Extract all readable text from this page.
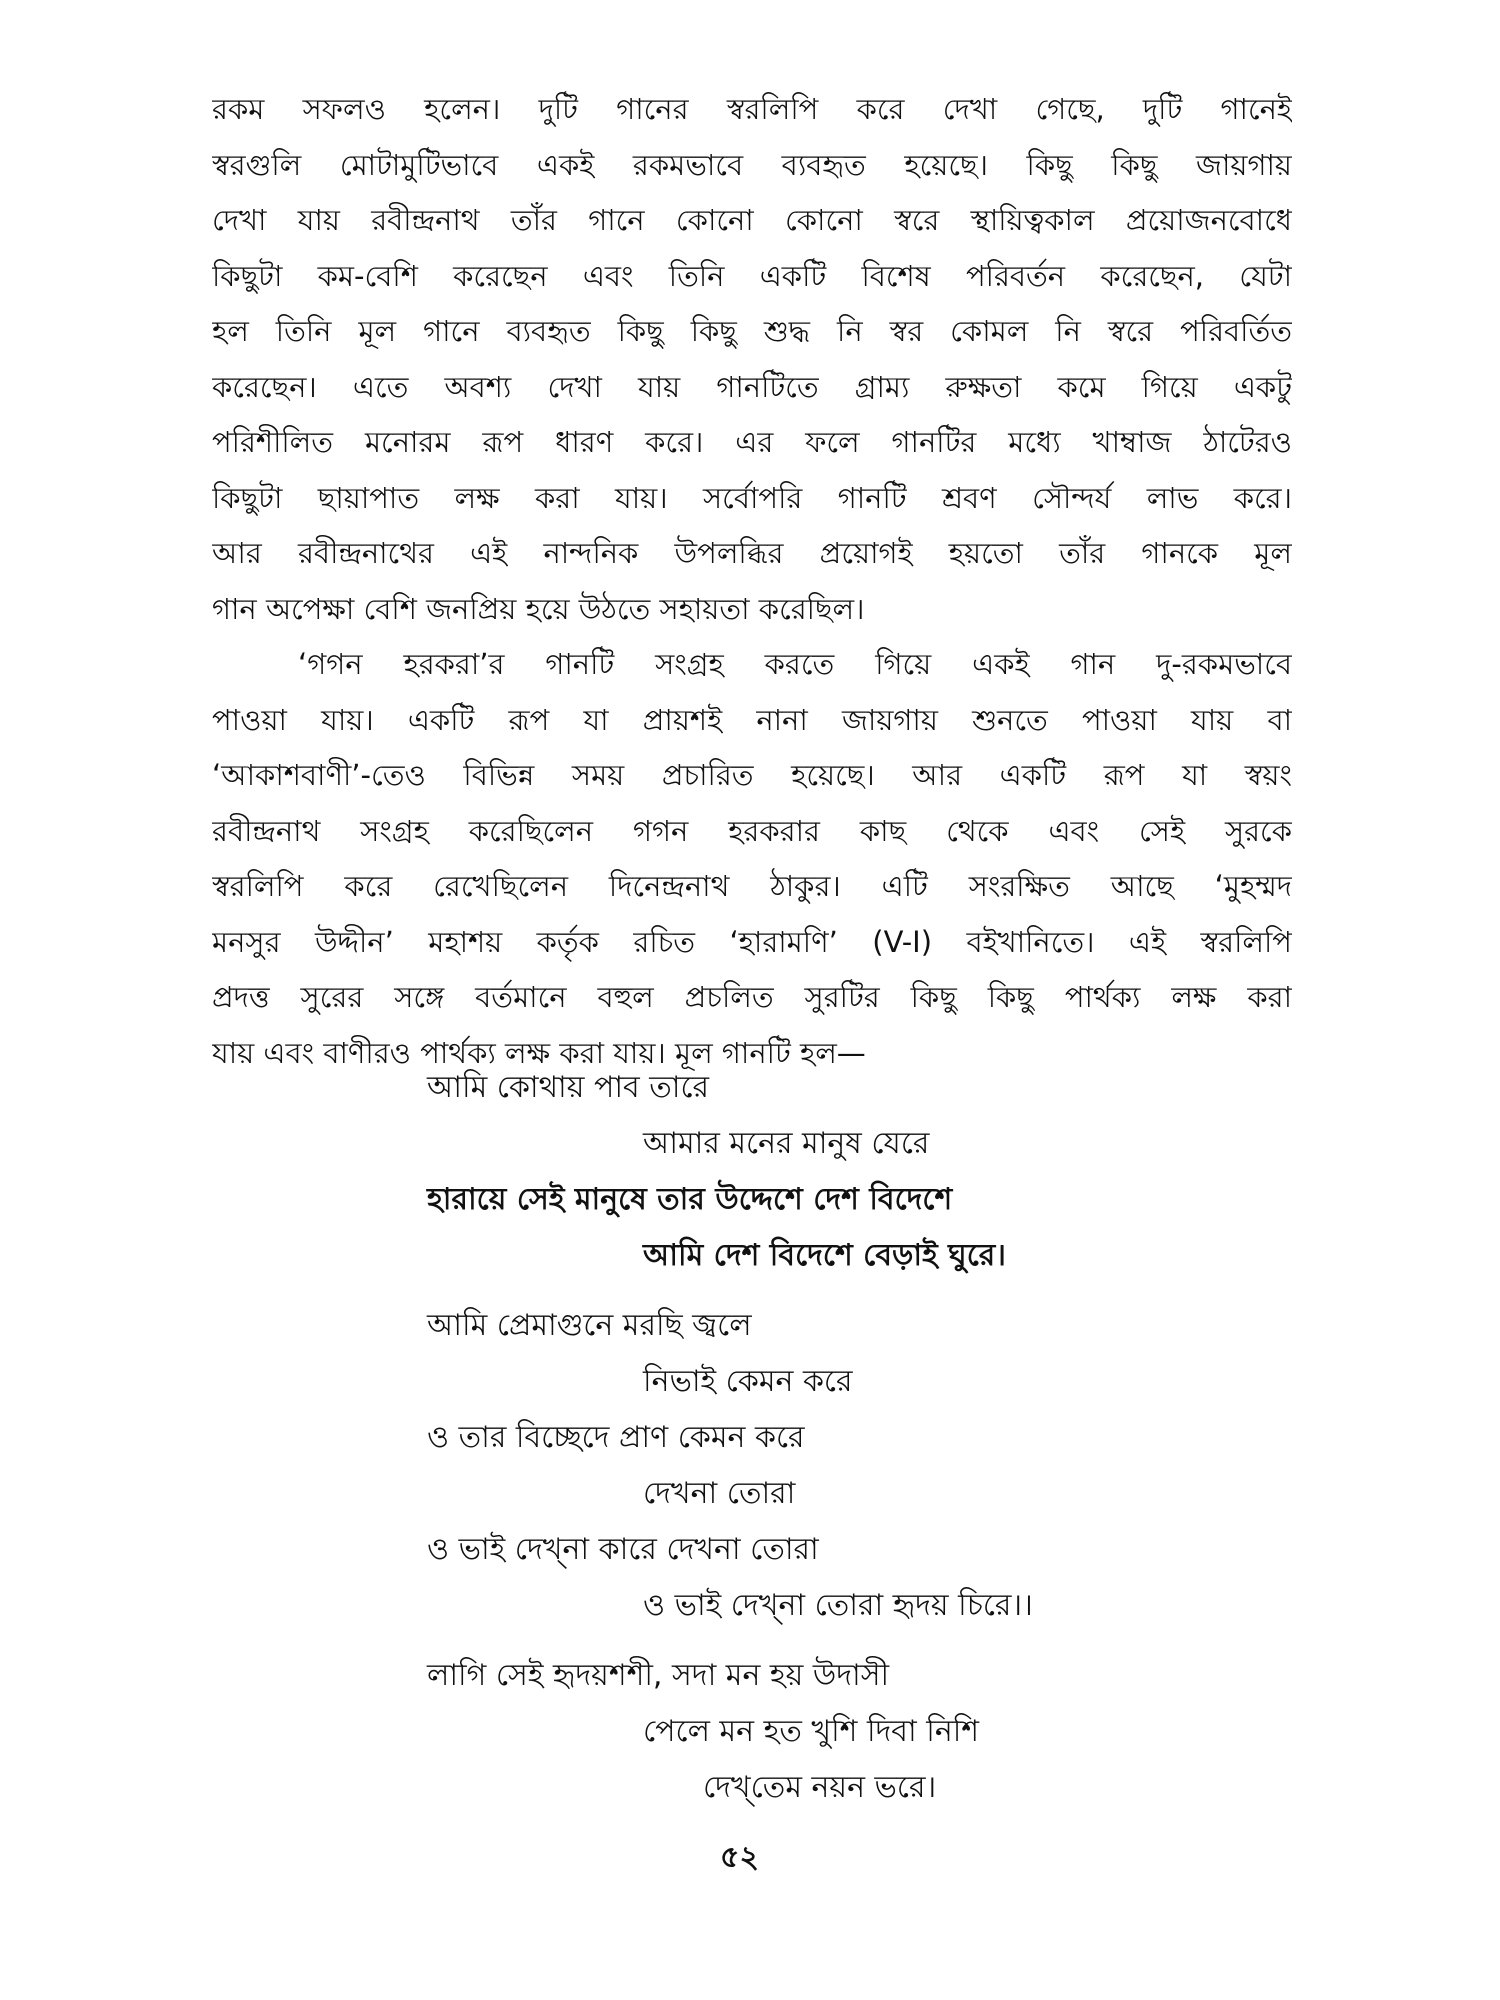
রকম সফলও হলেন। দুটি গানের স্বরলিপি করে দেখা গেছে, দুটি গানেই
স্বরগুলি মোটামুটিভাবে একই রকমভাবে ব্যবহৃত হয়েছে। কিছু কিছু জায়গায়
দেখা যায় রবীন্দ্রনাথ তাঁর গানে কোনো কোনো স্বরে স্থায়িত্বকাল প্রয়োজনবোধে
কিছুটা কম-বেশি করেছেন এবং তিনি একটি বিশেষ পরিবর্তন করেছেন, যেটা
হল তিনি মূল গানে ব্যবহৃত কিছু কিছু শুদ্ধ নি স্বর কোমল নি স্বরে পরিবর্তিত
করেছেন। এতে অবশ্য দেখা যায় গানটিতে গ্রাম্য রুক্ষতা কমে গিয়ে একটু
পরিশীলিত মনোরম রূপ ধারণ করে। এর ফলে গানটির মধ্যে খাম্বাজ ঠাটেরও
কিছুটা ছায়াপাত লক্ষ করা যায়। সর্বোপরি গানটি শ্রবণ সৌন্দর্য লাভ করে।
আর রবীন্দ্রনাথের এই নান্দনিক উপলব্ধির প্রয়োগই হয়তো তাঁর গানকে মূল
গান অপেক্ষা বেশি জনপ্রিয় হয়ে উঠতে সহায়তা করেছিল।
‘গগন হরকরা’র গানটি সংগ্রহ করতে গিয়ে একই গান দু-রকমভাবে
পাওয়া যায়। একটি রূপ যা প্রায়শই নানা জায়গায় শুনতে পাওয়া যায় বা
‘আকাশবাণী’-তেও বিভিন্ন সময় প্রচারিত হয়েছে। আর একটি রূপ যা স্বয়ং
রবীন্দ্রনাথ সংগ্রহ করেছিলেন গগন হরকরার কাছ থেকে এবং সেই সুরকে
স্বরলিপি করে রেখেছিলেন দিনেন্দ্রনাথ ঠাকুর। এটি সংরক্ষিত আছে ‘মুহম্মদ
মনসুর উদ্দীন’ মহাশয় কর্তৃক রচিত ‘হারামণি’ (V-I) বইখানিতে। এই স্বরলিপি
প্রদত্ত সুরের সঙ্গে বর্তমানে বহুল প্রচলিত সুরটির কিছু কিছু পার্থক্য লক্ষ করা
যায় এবং বাণীরও পার্থক্য লক্ষ করা যায়। মূল গানটি হল—
আমি কোথায় পাব তারে
আমার মনের মানুষ যেরে
হারায়ে সেই মানুষে তার উদ্দেশে দেশ বিদেশে
আমি দেশ বিদেশে বেড়াই ঘুরে।
আমি প্রেমাগুনে মরছি জ্বলে
নিভাই কেমন করে
ও তার বিচ্ছেদে প্রাণ কেমন করে
দেখনা তোরা
ও ভাই দেখ্‌না কারে দেখনা তোরা
ও ভাই দেখ্‌না তোরা হৃদয় চিরে।।
লাগি সেই হৃদয়শশী, সদা মন হয় উদাসী
পেলে মন হত খুশি দিবা নিশি
দেখ্‌তেম নয়ন ভরে।
৫২
